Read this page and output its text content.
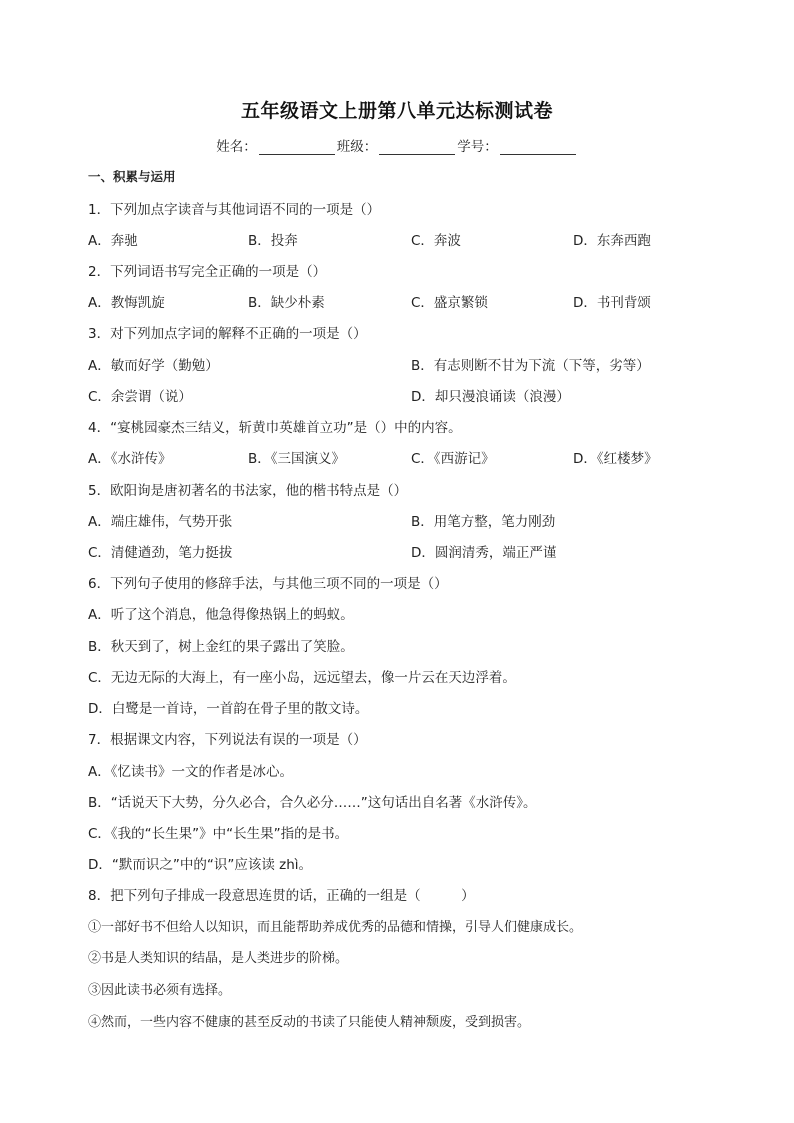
五年级语文上册第八单元达标测试卷
姓名：	班级：	学号：
一、积累与运用
1．下列加点字读音与其他词语不同的一项是（）
A．奔驰	B．投奔	C．奔波	D．东奔西跑
2．下列词语书写完全正确的一项是（）
A．教悔凯旋	B．缺少朴素	C．盛京繁锁	D．书刊背颂
3．对下列加点字词的解释不正确的一项是（）
A．敏而好学（勤勉）	B．有志则断不甘为下流（下等，劣等）
C．余尝谓（说）	D．却只漫浪诵读（浪漫）
4．“宴桃园豪杰三结义，斩黄巾英雄首立功”是（）中的内容。
A．《水浒传》	B．《三国演义》	C．《西游记》	D．《红楼梦》
5．欧阳询是唐初著名的书法家，他的楷书特点是（）
A．端庄雄伟，气势开张	B．用笔方整，笔力刚劲
C．清健遒劲，笔力挺拔	D．圆润清秀，端正严谨
6．下列句子使用的修辞手法，与其他三项不同的一项是（）
A．听了这个消息，他急得像热锅上的蚂蚁。
B．秋天到了，树上金红的果子露出了笑脸。
C．无边无际的大海上，有一座小岛，远远望去，像一片云在天边浮着。
D．白鹭是一首诗，一首韵在骨子里的散文诗。
7．根据课文内容，下列说法有误的一项是（）
A．《忆读书》一文的作者是冰心。
B．“话说天下大势，分久必合，合久必分……”这句话出自名著《水浒传》。
C．《我的“长生果”》中“长生果”指的是书。
D．“默而识之”中的“识”应该读 zhì。
8．把下列句子排成一段意思连贯的话，正确的一组是（　　　）
①一部好书不但给人以知识，而且能帮助养成优秀的品德和情操，引导人们健康成长。
②书是人类知识的结晶，是人类进步的阶梯。
③因此读书必须有选择。
④然而，一些内容不健康的甚至反动的书读了只能使人精神颓废，受到损害。
